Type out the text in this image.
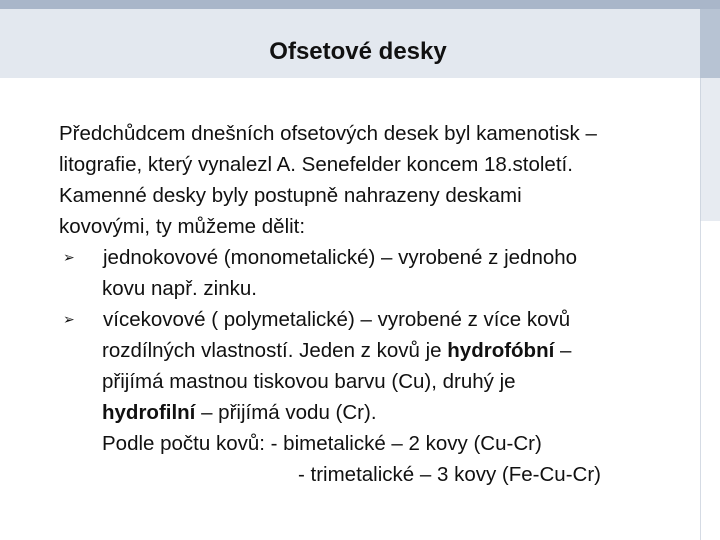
Ofsetové desky
Předchůdcem dnešních ofsetových desek byl kamenotisk –
litografie, který vynalezl A. Senefelder koncem 18.století.
Kamenné desky byly postupně nahrazeny deskami
kovovými, ty můžeme dělit:
➢ jednokovové (monometalické) – vyrobené z jednoho
kovu např. zinku.
➢ vícekovové ( polymetalické) – vyrobené z více kovů
rozdílných vlastností. Jeden z kovů je hydrofóbní –
přijímá mastnou tiskovou barvu (Cu), druhý je
hydrofilní – přijímá vodu (Cr).
Podle počtu kovů: - bimetalické – 2 kovy (Cu-Cr)
- trimetalické – 3 kovy (Fe-Cu-Cr)
